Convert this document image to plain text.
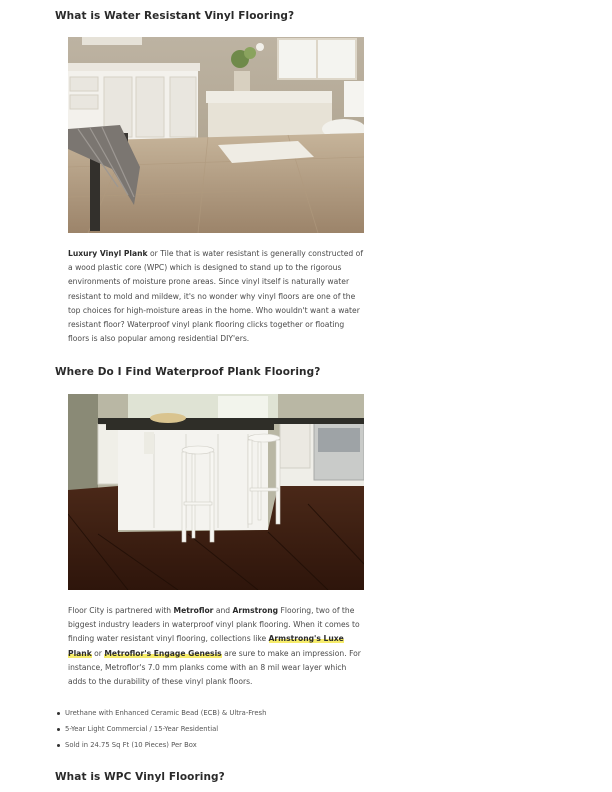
What is Water Resistant Vinyl Flooring?

Luxury Vinyl Plank or Tile that is water resistant is generally constructed of a wood plastic core (WPC) which is designed to stand up to the rigorous environments of moisture prone areas. Since vinyl itself is naturally water resistant to mold and mildew, it's no wonder why vinyl floors are one of the top choices for high-moisture areas in the home. Who wouldn't want a water resistant floor? Waterproof vinyl plank flooring clicks together or floating floors is also popular among residential DIY'ers.

Where Do I Find Waterproof Plank Flooring?

Floor City is partnered with Metroflor and Armstrong Flooring, two of the biggest industry leaders in waterproof vinyl plank flooring. When it comes to finding water resistant vinyl flooring, collections like Armstrong's Luxe Plank or Metroflor's Engage Genesis are sure to make an impression. For instance, Metroflor's 7.0 mm planks come with an 8 mil wear layer which adds to the durability of these vinyl plank floors.

Urethane with Enhanced Ceramic Bead (ECB) & Ultra-Fresh
5-Year Light Commercial / 15-Year Residential
Sold in 24.75 Sq Ft (10 Pieces) Per Box
What is WPC Vinyl Flooring?
